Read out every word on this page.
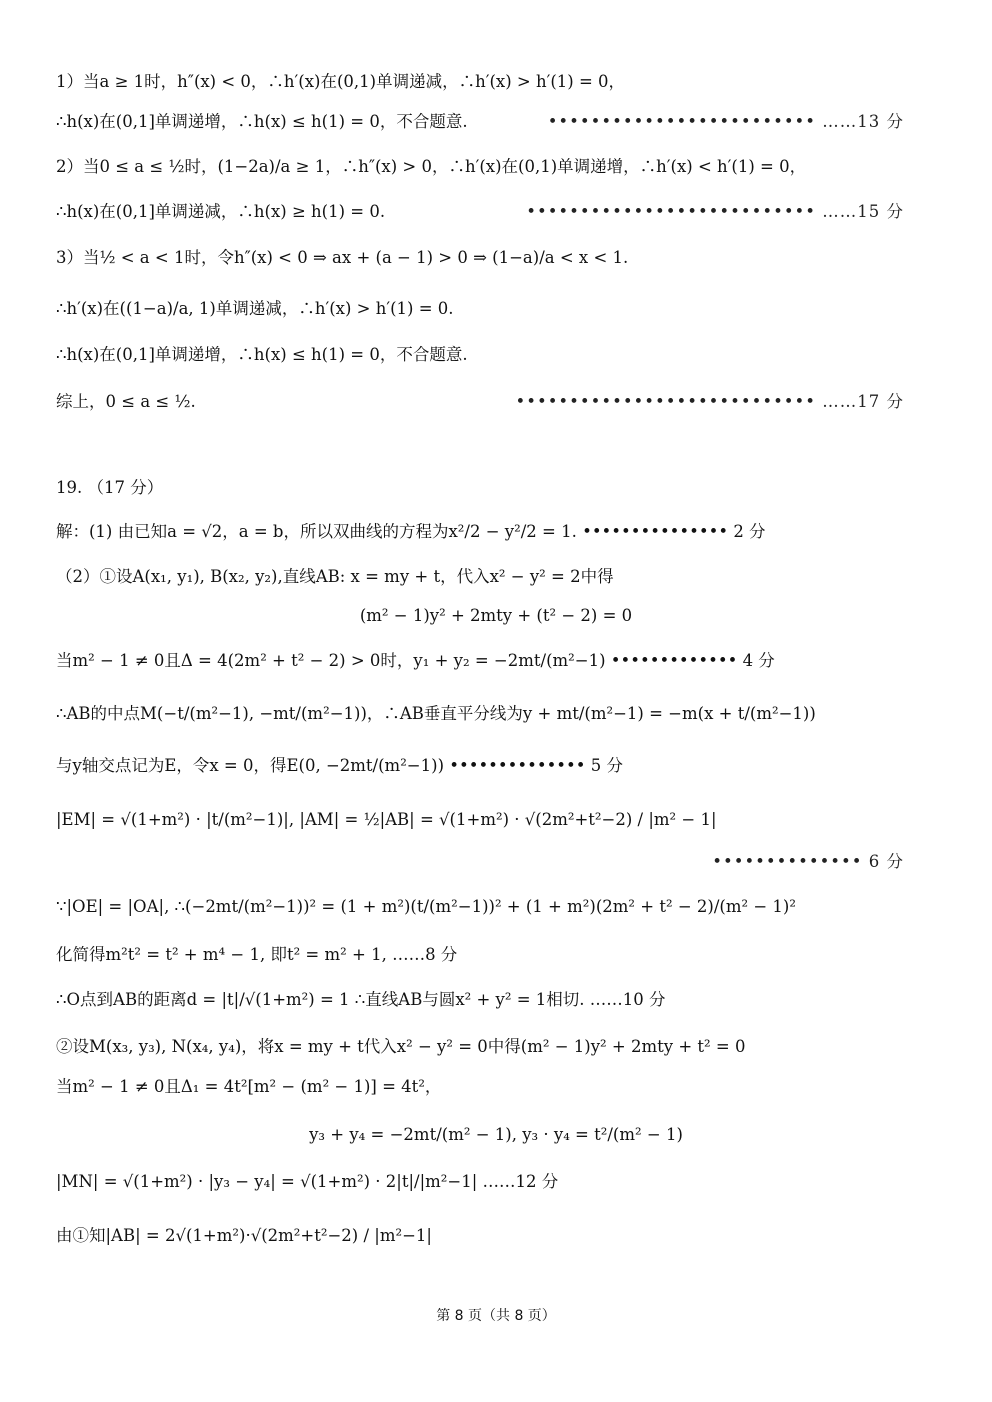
1）当a ≥ 1时，h″(x) < 0，∴h′(x)在(0,1)单调递减，∴h′(x) > h′(1) = 0，
∴h(x)在(0,1]单调递增，∴h(x) ≤ h(1) = 0，不合题意.	••••••••••••••••••••••••• ……13 分
2）当0 ≤ a ≤ ½时，(1−2a)/a ≥ 1，∴h″(x) > 0，∴h′(x)在(0,1)单调递增，∴h′(x) < h′(1) = 0，
∴h(x)在(0,1]单调递减，∴h(x) ≥ h(1) = 0.	••••••••••••••••••••••••••• ……15 分
3）当½ < a < 1时，令h″(x) < 0 ⇒ ax + (a − 1) > 0 ⇒ (1−a)/a < x < 1.
∴h′(x)在((1−a)/a, 1)单调递减，∴h′(x) > h′(1) = 0.
∴h(x)在(0,1]单调递增，∴h(x) ≤ h(1) = 0，不合题意.
综上，0 ≤ a ≤ ½.	•••••••••••••••••••••••••••• ……17 分
19. （17 分）
解：(1) 由已知a = √2，a = b，所以双曲线的方程为x²/2 − y²/2 = 1. ••••••••••••••• 2 分
（2）①设A(x₁, y₁), B(x₂, y₂),直线AB: x = my + t，代入x² − y² = 2中得
(m² − 1)y² + 2mty + (t² − 2) = 0
当m² − 1 ≠ 0且Δ = 4(2m² + t² − 2) > 0时，y₁ + y₂ = −2mt/(m²−1) ••••••••••••• 4 分
∴AB的中点M(−t/(m²−1), −mt/(m²−1))，∴AB垂直平分线为y + mt/(m²−1) = −m(x + t/(m²−1))
与y轴交点记为E，令x = 0，得E(0, −2mt/(m²−1)) •••••••••••••• 5 分
|EM| = √(1+m²) · |t/(m²−1)|, |AM| = ½|AB| = √(1+m²) · √(2m²+t²−2) / |m² − 1|
•••••••••••••• 6 分
∵|OE| = |OA|, ∴(−2mt/(m²−1))² = (1 + m²)(t/(m²−1))² + (1 + m²)(2m² + t² − 2)/(m² − 1)²
化简得m²t² = t² + m⁴ − 1, 即t² = m² + 1, ……8 分
∴O点到AB的距离d = |t|/√(1+m²) = 1 ∴直线AB与圆x² + y² = 1相切. ……10 分
②设M(x₃, y₃), N(x₄, y₄)，将x = my + t代入x² − y² = 0中得(m² − 1)y² + 2mty + t² = 0
当m² − 1 ≠ 0且Δ₁ = 4t²[m² − (m² − 1)] = 4t²，
y₃ + y₄ = −2mt/(m² − 1), y₃ · y₄ = t²/(m² − 1)
|MN| = √(1+m²) · |y₃ − y₄| = √(1+m²) · 2|t|/|m²−1| ……12 分
由①知|AB| = 2√(1+m²)·√(2m²+t²−2) / |m²−1|
第 8 页（共 8 页）
